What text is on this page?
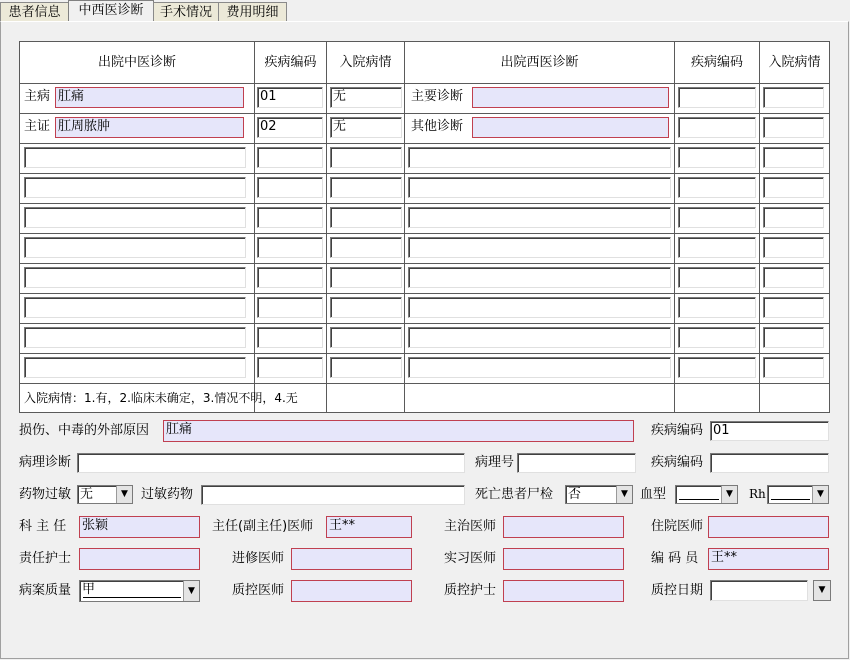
患者信息	中西医诊断	手术情况	费用明细
出院中医诊断	疾病编码	入院病情	出院西医诊断	疾病编码	入院病情
主病 肛痛	01	无	主要诊断
主证 肛周脓肿	02	无	其他诊断
入院病情：1.有，2.临床未确定，3.情况不明，4.无
损伤、中毒的外部原因 肛痛	疾病编码 01
病理诊断	病理号	疾病编码
药物过敏 无	▼	过敏药物	死亡患者尸检 否	▼ 血型	▼	Rh	▼
科 主 任 张颖	主任(副主任)医师 王**	主治医师	住院医师
责任护士	进修医师	实习医师	编 码 员 王**
病案质量 甲	▼	质控医师	质控护士	质控日期	▼
